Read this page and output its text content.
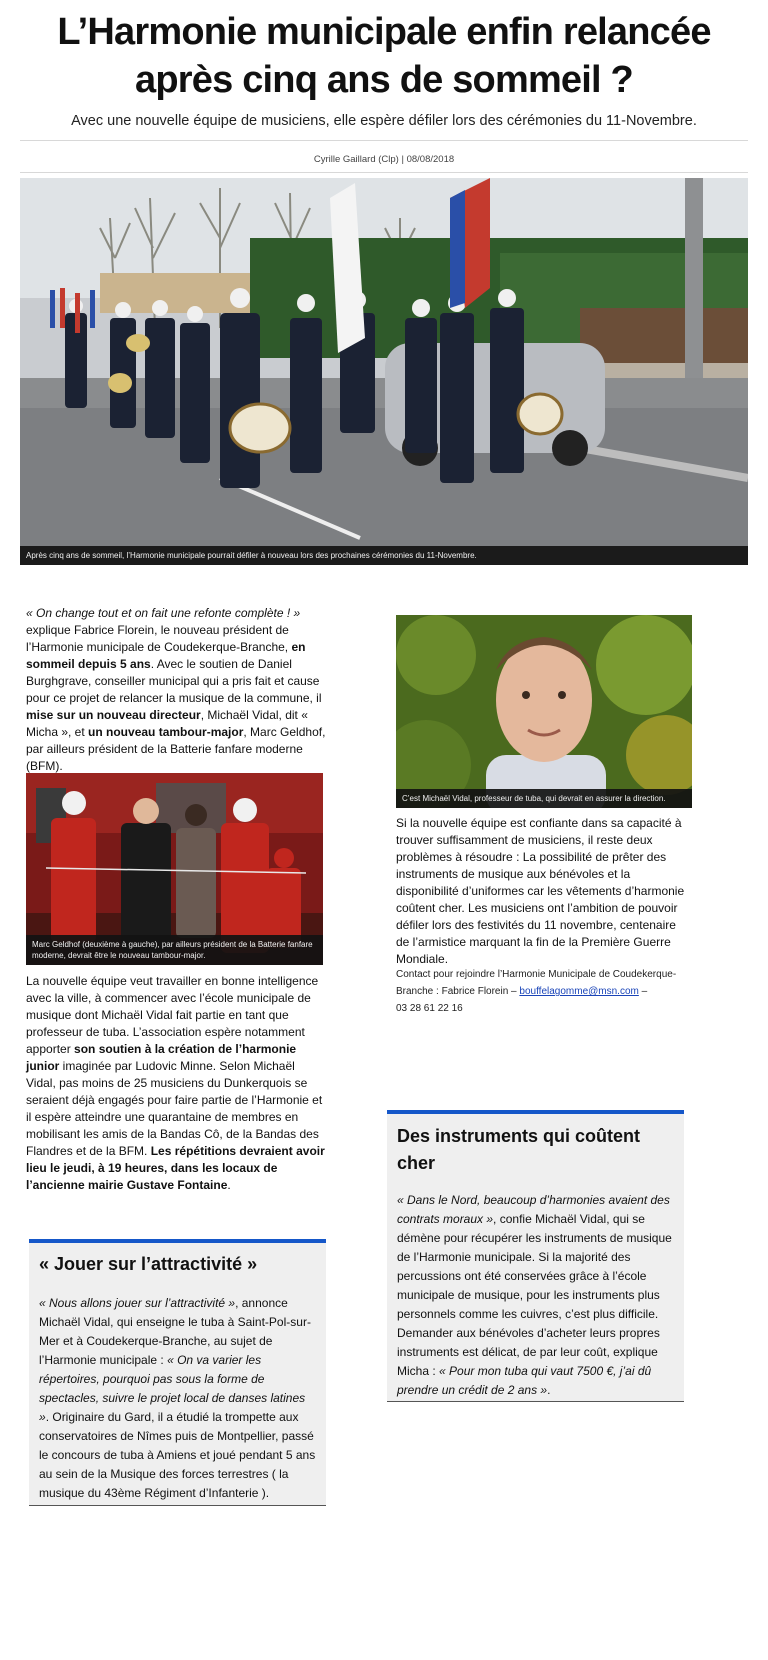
L’Harmonie municipale enfin relancée
après cinq ans de sommeil ?

Avec une nouvelle équipe de musiciens, elle espère défiler lors des cérémonies du 11-Novembre.

Cyrille Gaillard (Clp) | 08/08/2018
Après cinq ans de sommeil, l’Harmonie municipale pourrait défiler à nouveau lors des prochaines cérémonies du 11-Novembre.

« On change tout et on fait une refonte complète ! » explique Fabrice Florein, le nouveau président de l’Harmonie municipale de Coudekerque-Branche, en sommeil depuis 5 ans. Avec le soutien de Daniel Burghgrave, conseiller municipal qui a pris fait et cause pour ce projet de relancer la musique de la commune, il mise sur un nouveau directeur, Michaël Vidal, dit « Micha », et un nouveau tambour-major, Marc Geldhof, par ailleurs président de la Batterie fanfare moderne (BFM).

Marc Geldhof (deuxième à gauche), par ailleurs président de la Batterie fanfare moderne, devrait être le nouveau tambour-major.

La nouvelle équipe veut travailler en bonne intelligence avec la ville, à commencer avec l’école municipale de musique dont Michaël Vidal fait partie en tant que professeur de tuba. L’association espère notamment apporter son soutien à la création de l’harmonie junior imaginée par Ludovic Minne. Selon Michaël Vidal, pas moins de 25 musiciens du Dunkerquois se seraient déjà engagés pour faire partie de l’Harmonie et il espère atteindre une quarantaine de membres en mobilisant les amis de la Bandas Cô, de la Bandas des Flandres et de la BFM. Les répétitions devraient avoir lieu le jeudi, à 19 heures, dans les locaux de l’ancienne mairie Gustave Fontaine.

« Jouer sur l’attractivité »

« Nous allons jouer sur l’attractivité », annonce Michaël Vidal, qui enseigne le tuba à Saint-Pol-sur-Mer et à Coudekerque-Branche, au sujet de l’Harmonie municipale : « On va varier les répertoires, pourquoi pas sous la forme de spectacles, suivre le projet local de danses latines ». Originaire du Gard, il a étudié la trompette aux conservatoires de Nîmes puis de Montpellier, passé le concours de tuba à Amiens et joué pendant 5 ans au sein de la Musique des forces terrestres ( la musique du 43ème Régiment d’Infanterie ).

C’est Michaël Vidal, professeur de tuba, qui devrait en assurer la direction.

Si la nouvelle équipe est confiante dans sa capacité à trouver suffisamment de musiciens, il reste deux problèmes à résoudre : La possibilité de prêter des instruments de musique aux bénévoles et la disponibilité d’uniformes car les vêtements d’harmonie coûtent cher. Les musiciens ont l’ambition de pouvoir défiler lors des festivités du 11 novembre, centenaire de l’armistice marquant la fin de la Première Guerre Mondiale.

Contact pour rejoindre l’Harmonie Municipale de Coudekerque-Branche : Fabrice Florein – bouffelagomme@msn.com –
03 28 61 22 16

Des instruments qui coûtent cher

« Dans le Nord, beaucoup d’harmonies avaient des contrats moraux », confie Michaël Vidal, qui se démène pour récupérer les instruments de musique de l’Harmonie municipale. Si la majorité des percussions ont été conservées grâce à l’école municipale de musique, pour les instruments plus personnels comme les cuivres, c’est plus difficile. Demander aux bénévoles d’acheter leurs propres instruments est délicat, de par leur coût, explique Micha : « Pour mon tuba qui vaut 7500 €, j’ai dû prendre un crédit de 2 ans ».
